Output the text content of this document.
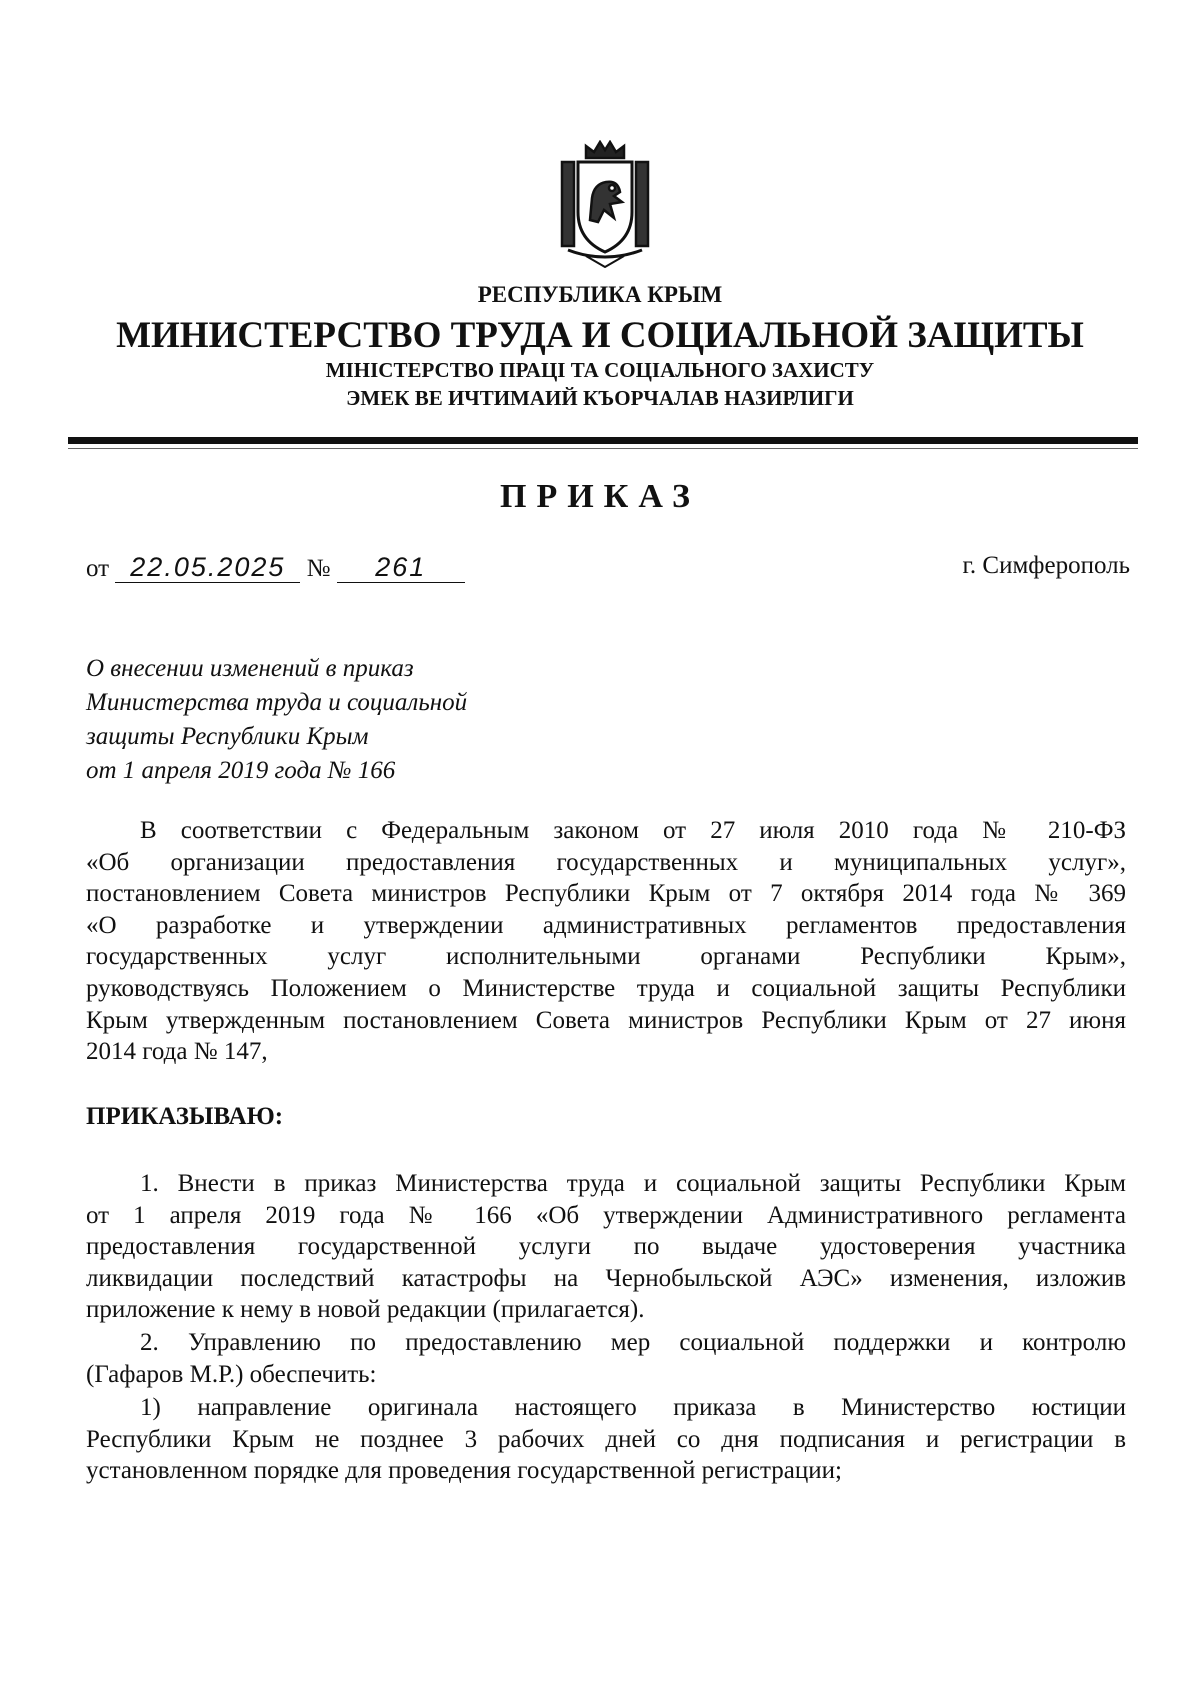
РЕСПУБЛИКА КРЫМ
МИНИСТЕРСТВО ТРУДА И СОЦИАЛЬНОЙ ЗАЩИТЫ
МІНІСТЕРСТВО ПРАЦІ ТА СОЦІАЛЬНОГО ЗАХИСТУ
ЭМЕК ВЕ ИЧТИМАИЙ КЪОРЧАЛАВ НАЗИРЛИГИ
ПРИКАЗ
от 22.05.2025 № 261	г. Симферополь
О внесении изменений в приказ
Министерства труда и социальной
защиты Республики Крым
от 1 апреля 2019 года № 166
В соответствии с Федеральным законом от 27 июля 2010 года № 210-ФЗ
«Об организации предоставления государственных и муниципальных услуг»,
постановлением Совета министров Республики Крым от 7 октября 2014 года № 369
«О разработке и утверждении административных регламентов предоставления
государственных услуг исполнительными органами Республики Крым»,
руководствуясь Положением о Министерстве труда и социальной защиты Республики
Крым утвержденным постановлением Совета министров Республики Крым от 27 июня
2014 года № 147,
ПРИКАЗЫВАЮ:
1. Внести в приказ Министерства труда и социальной защиты Республики Крым
от 1 апреля 2019 года № 166 «Об утверждении Административного регламента
предоставления государственной услуги по выдаче удостоверения участника
ликвидации последствий катастрофы на Чернобыльской АЭС» изменения, изложив
приложение к нему в новой редакции (прилагается).
2. Управлению по предоставлению мер социальной поддержки и контролю
(Гафаров М.Р.) обеспечить:
1) направление оригинала настоящего приказа в Министерство юстиции
Республики Крым не позднее 3 рабочих дней со дня подписания и регистрации в
установленном порядке для проведения государственной регистрации;
